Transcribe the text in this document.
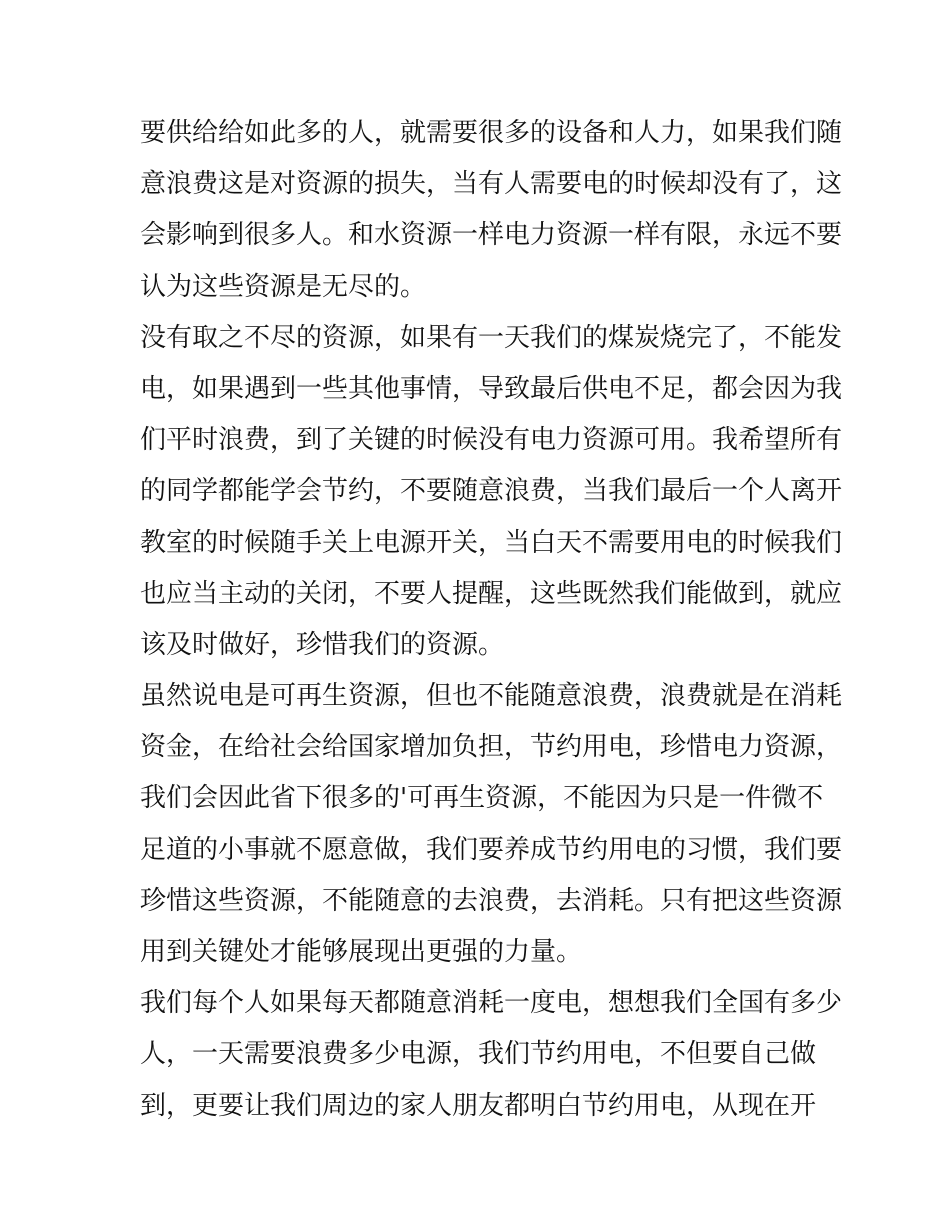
要供给给如此多的人，就需要很多的设备和人力，如果我们随
意浪费这是对资源的损失，当有人需要电的时候却没有了，这
会影响到很多人。和水资源一样电力资源一样有限，永远不要
认为这些资源是无尽的。
没有取之不尽的资源，如果有一天我们的煤炭烧完了，不能发
电，如果遇到一些其他事情，导致最后供电不足，都会因为我
们平时浪费，到了关键的时候没有电力资源可用。我希望所有
的同学都能学会节约，不要随意浪费，当我们最后一个人离开
教室的时候随手关上电源开关，当白天不需要用电的时候我们
也应当主动的关闭，不要人提醒，这些既然我们能做到，就应
该及时做好，珍惜我们的资源。
虽然说电是可再生资源，但也不能随意浪费，浪费就是在消耗
资金，在给社会给国家增加负担，节约用电，珍惜电力资源，
我们会因此省下很多的'可再生资源，不能因为只是一件微不
足道的小事就不愿意做，我们要养成节约用电的习惯，我们要
珍惜这些资源，不能随意的去浪费，去消耗。只有把这些资源
用到关键处才能够展现出更强的力量。
我们每个人如果每天都随意消耗一度电，想想我们全国有多少
人，一天需要浪费多少电源，我们节约用电，不但要自己做
到，更要让我们周边的家人朋友都明白节约用电，从现在开
